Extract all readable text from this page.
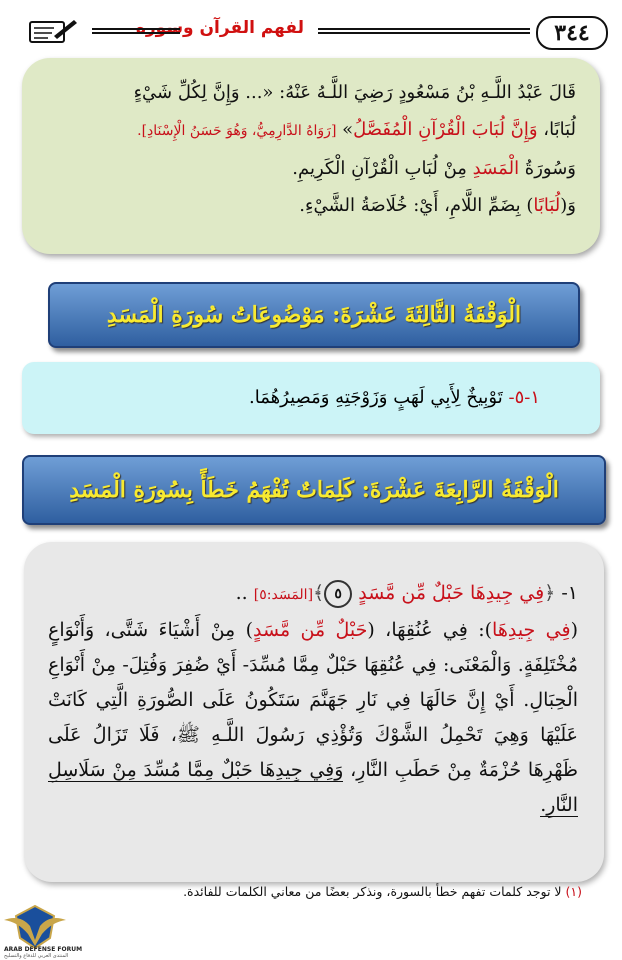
٣٤٤
لفهم القرآن وسوره
قَالَ عَبْدُ اللَّـهِ بْنُ مَسْعُودٍ رَضِيَ اللَّـهُ عَنْهُ: «... وَإِنَّ لِكُلِّ شَيْءٍ
لُبَابًا، وَإِنَّ لُبَابَ الْقُرْآنِ الْمُفَصَّلُ» [رَوَاهُ الدَّارِمِيُّ، وَهُوَ حَسَنُ الْإِسْنَادِ].
وَسُورَةُ الْمَسَدِ مِنْ لُبَابِ الْقُرْآنِ الْكَرِيمِ.
وَ(لُبَابًا) بِضَمِّ اللَّامِ، أَيْ: خُلَاصَةُ الشَّيْءِ.
الْوَقْفَةُ الثَّالِثَةَ عَشْرَةَ: مَوْضُوعَاتُ سُورَةِ الْمَسَدِ
١-٥- تَوْبِيخٌ لِأَبِي لَهَبٍ وَزَوْجَتِهِ وَمَصِيرُهُمَا.
الْوَقْفَةُ الرَّابِعَةَ عَشْرَةَ: كَلِمَاتٌ تُفْهَمُ خَطَأً بِسُورَةِ الْمَسَدِ
١- ﴿فِي جِيدِهَا حَبْلٌ مِّن مَّسَدٍ ٥﴾[المَسَد:٥] ..
(فِي جِيدِهَا): فِي عُنُقِهَا، (حَبْلٌ مِّن مَّسَدٍ) مِنْ أَشْيَاءَ شَتَّى، وَأَنْوَاعٍ مُخْتَلِفَةٍ. وَالْمَعْنَى: فِي عُنُقِهَا حَبْلٌ مِمَّا مُسِّدَ- أَيْ ضُفِرَ وَفُتِلَ- مِنْ أَنْوَاعِ الْحِبَالِ. أَيْ إِنَّ حَالَهَا فِي نَارِ جَهَنَّمَ سَتَكُونُ عَلَى الصُّورَةِ الَّتِي كَانَتْ عَلَيْهَا وَهِيَ تَحْمِلُ الشَّوْكَ وَتُؤْذِي رَسُولَ اللَّـهِ ﷺ، فَلَا تَزَالُ عَلَى ظَهْرِهَا حُزْمَةٌ مِنْ حَطَبِ النَّارِ، وَفِي جِيدِهَا حَبْلٌ مِمَّا مُسِّدَ مِنْ سَلَاسِلِ النَّارِ.
(١) لا توجد كلمات تفهم خطأ بالسورة، ونذكر بعضًا من معاني الكلمات للفائدة.
ARAB DEFENSE FORUM
المنتدى العربي للدفاع والتسليح
